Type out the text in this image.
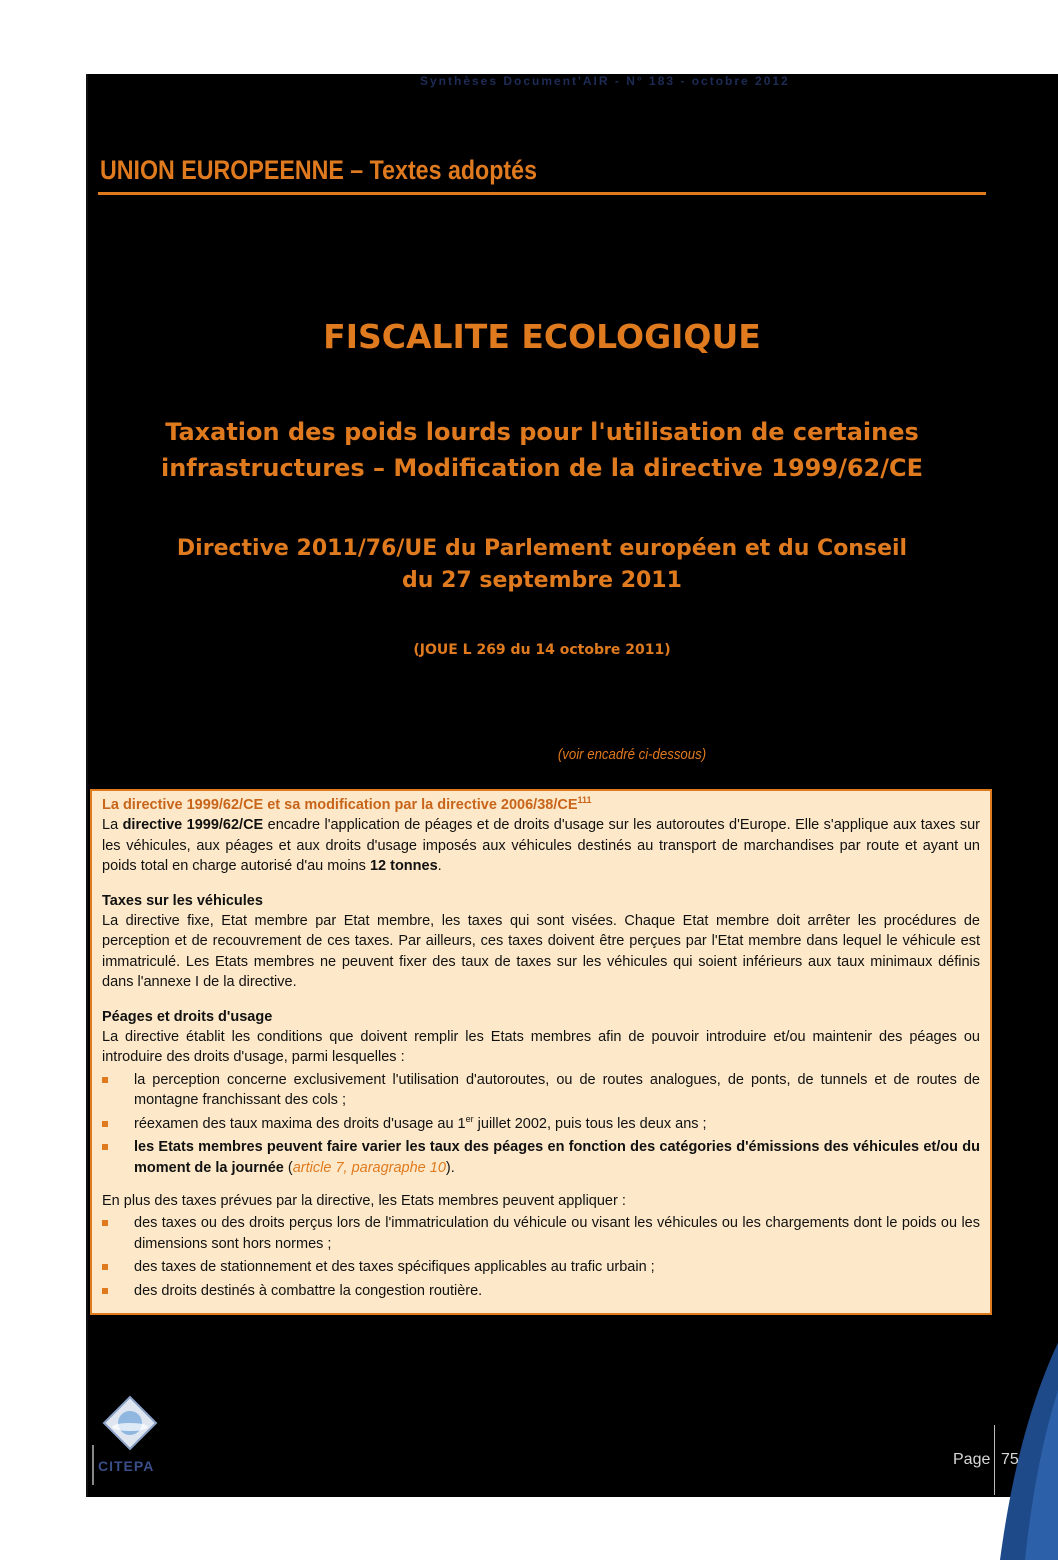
Synthèses Document'AIR - N° 183 - octobre 2012
UNION EUROPEENNE – Textes adoptés
FISCALITE ECOLOGIQUE
Taxation des poids lourds pour l'utilisation de certaines
infrastructures – Modification de la directive 1999/62/CE
Directive 2011/76/UE du Parlement européen et du Conseil
du 27 septembre 2011
(JOUE L 269 du 14 octobre 2011)
(voir encadré ci-dessous)

La directive 1999/62/CE et sa modification par la directive 2006/38/CE$^{111}$

La directive 1999/62/CE encadre l'application de péages et de droits d'usage sur les autoroutes d'Europe. Elle s'applique aux taxes sur les véhicules, aux péages et aux droits d'usage imposés aux véhicules destinés au transport de marchandises par route et ayant un poids total en charge autorisé d'au moins 12 tonnes.

Taxes sur les véhicules

La directive fixe, Etat membre par Etat membre, les taxes qui sont visées. Chaque Etat membre doit arrêter les procédures de perception et de recouvrement de ces taxes. Par ailleurs, ces taxes doivent être perçues par l'Etat membre dans lequel le véhicule est immatriculé. Les Etats membres ne peuvent fixer des taux de taxes sur les véhicules qui soient inférieurs aux taux minimaux définis dans l'annexe I de la directive.

Péages et droits d'usage

La directive établit les conditions que doivent remplir les Etats membres afin de pouvoir introduire et/ou maintenir des péages ou introduire des droits d'usage, parmi lesquelles :

la perception concerne exclusivement l'utilisation d'autoroutes, ou de routes analogues, de ponts, de tunnels et de routes de montagne franchissant des cols ;
réexamen des taux maxima des droits d'usage au 1er juillet 2002, puis tous les deux ans ;
les Etats membres peuvent faire varier les taux des péages en fonction des catégories d'émissions des véhicules et/ou du moment de la journée (article 7, paragraphe 10).

En plus des taxes prévues par la directive, les Etats membres peuvent appliquer :

des taxes ou des droits perçus lors de l'immatriculation du véhicule ou visant les véhicules ou les chargements dont le poids ou les dimensions sont hors normes ;
des taxes de stationnement et des taxes spécifiques applicables au trafic urbain ;
des droits destinés à combattre la congestion routière.
CITEPA	Page 75
